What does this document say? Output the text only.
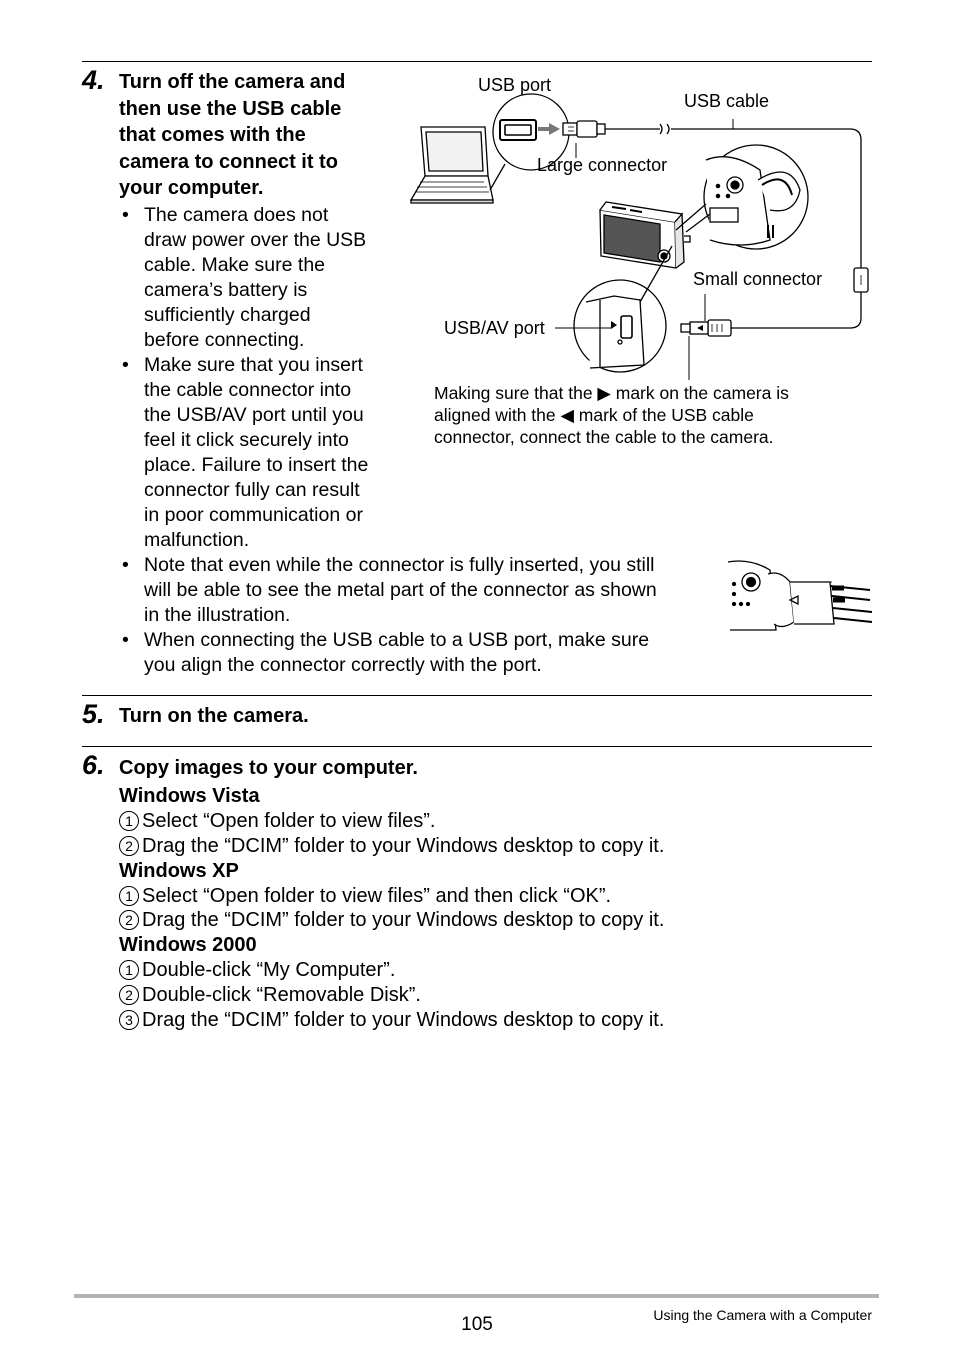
4. Turn off the camera and
then use the USB cable
that comes with the
camera to connect it to
your computer.
• The camera does not
draw power over the USB
cable. Make sure the
camera’s battery is
sufficiently charged
before connecting.
• Make sure that you insert
the cable connector into
the USB/AV port until you
feel it click securely into
place. Failure to insert the
connector fully can result
in poor communication or
malfunction.
• Note that even while the connector is fully inserted, you still
will be able to see the metal part of the connector as shown
in the illustration.
• When connecting the USB cable to a USB port, make sure
you align the connector correctly with the port.
USB port
USB cable
Large connector
Small connector
USB/AV port
Making sure that the ▶ mark on the camera is
aligned with the ◀ mark of the USB cable
connector, connect the cable to the camera.
5. Turn on the camera.
6. Copy images to your computer.
Windows Vista
1 Select “Open folder to view files”.
2 Drag the “DCIM” folder to your Windows desktop to copy it.
Windows XP
1 Select “Open folder to view files” and then click “OK”.
2 Drag the “DCIM” folder to your Windows desktop to copy it.
Windows 2000
1 Double-click “My Computer”.
2 Double-click “Removable Disk”.
3 Drag the “DCIM” folder to your Windows desktop to copy it.
105	Using the Camera with a Computer
